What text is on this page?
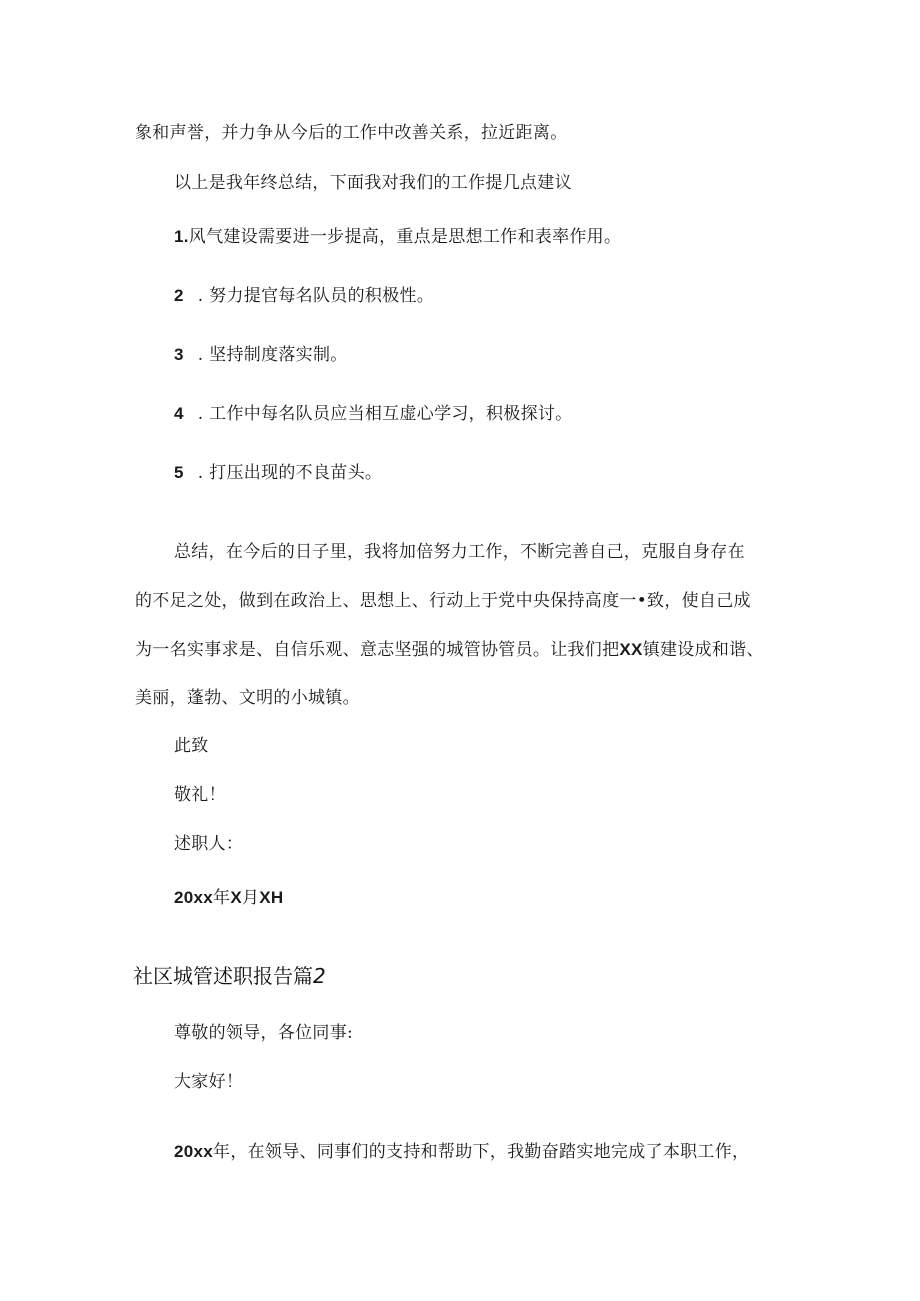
象和声誉，并力争从今后的工作中改善关系，拉近距离。
以上是我年终总结，下面我对我们的工作提几点建议
1.风气建设需要进一步提高，重点是思想工作和表率作用。
2 . 努力提官每名队员的积极性。
3 . 坚持制度落实制。
4 . 工作中每名队员应当相互虚心学习，积极探讨。
5 . 打压出现的不良苗头。
总结，在今后的日子里，我将加倍努力工作，不断完善自己，克服自身存在
的不足之处，做到在政治上、思想上、行动上于党中央保持高度一•致，使自己成
为一名实事求是、自信乐观、意志坚强的城管协管员。让我们把XX镇建设成和谐、
美丽，蓬勃、文明的小城镇。
此致
敬礼！
述职人：
20xx年X月XH
社区城管述职报告篇2
尊敬的领导，各位同事:
大家好！
20xx年，在领导、同事们的支持和帮助下，我勤奋踏实地完成了本职工作，
